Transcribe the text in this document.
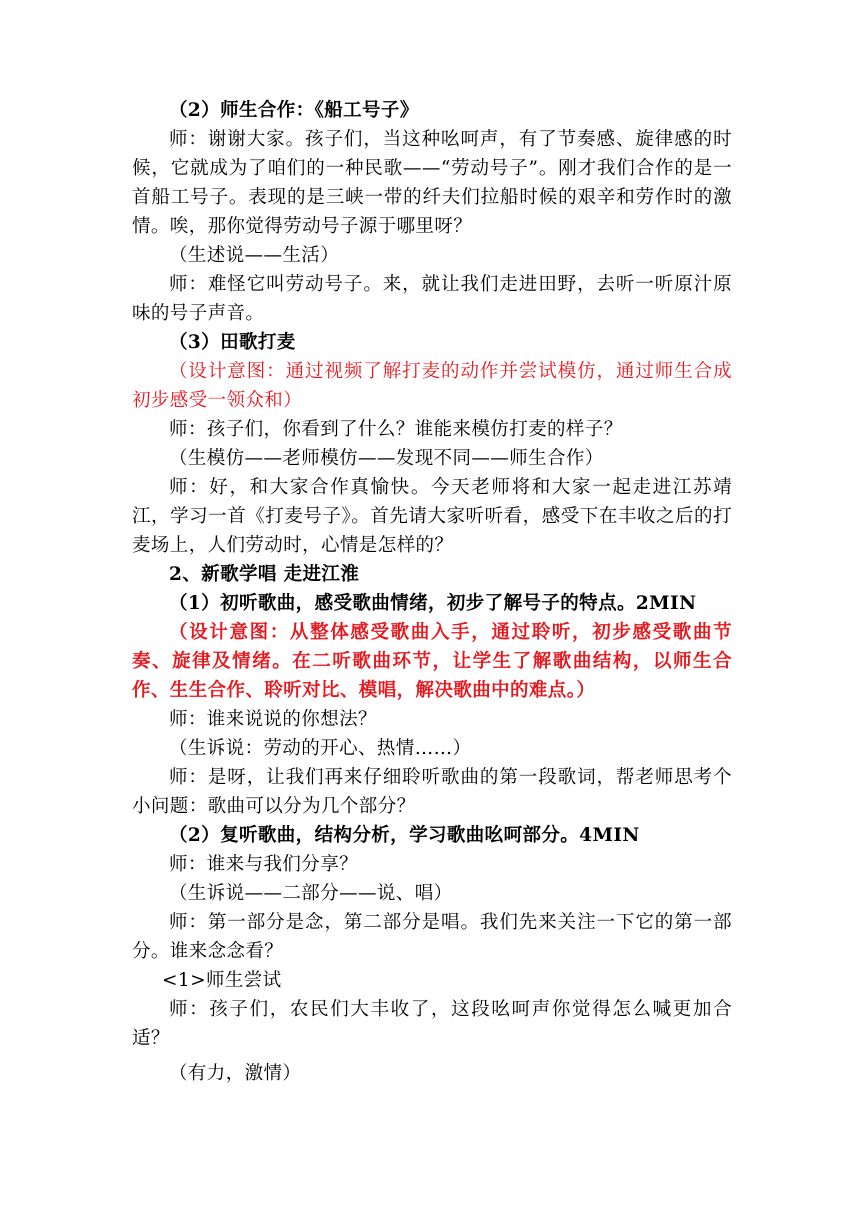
（2）师生合作：《船工号子》

师：谢谢大家。孩子们，当这种吆呵声，有了节奏感、旋律感的时候，它就成为了咱们的一种民歌——“劳动号子”。刚才我们合作的是一首船工号子。表现的是三峡一带的纤夫们拉船时候的艰辛和劳作时的激情。唉，那你觉得劳动号子源于哪里呀？

（生述说——生活）

师：难怪它叫劳动号子。来，就让我们走进田野，去听一听原汁原味的号子声音。

（3）田歌打麦

（设计意图：通过视频了解打麦的动作并尝试模仿，通过师生合成初步感受一领众和）

师：孩子们，你看到了什么？谁能来模仿打麦的样子？

（生模仿——老师模仿——发现不同——师生合作）

师：好，和大家合作真愉快。今天老师将和大家一起走进江苏靖江，学习一首《打麦号子》。首先请大家听听看，感受下在丰收之后的打麦场上，人们劳动时，心情是怎样的？

2、新歌学唱 走进江淮

（1）初听歌曲，感受歌曲情绪，初步了解号子的特点。2MIN

（设计意图：从整体感受歌曲入手，通过聆听，初步感受歌曲节奏、旋律及情绪。在二听歌曲环节，让学生了解歌曲结构，以师生合作、生生合作、聆听对比、模唱，解决歌曲中的难点。）

师：谁来说说的你想法？

（生诉说：劳动的开心、热情……）

师：是呀，让我们再来仔细聆听歌曲的第一段歌词，帮老师思考个小问题：歌曲可以分为几个部分？

（2）复听歌曲，结构分析，学习歌曲吆呵部分。4MIN

师：谁来与我们分享？

（生诉说——二部分——说、唱）

师：第一部分是念，第二部分是唱。我们先来关注一下它的第一部分。谁来念念看？

<1>师生尝试

师：孩子们，农民们大丰收了，这段吆呵声你觉得怎么喊更加合适？

（有力，激情）
